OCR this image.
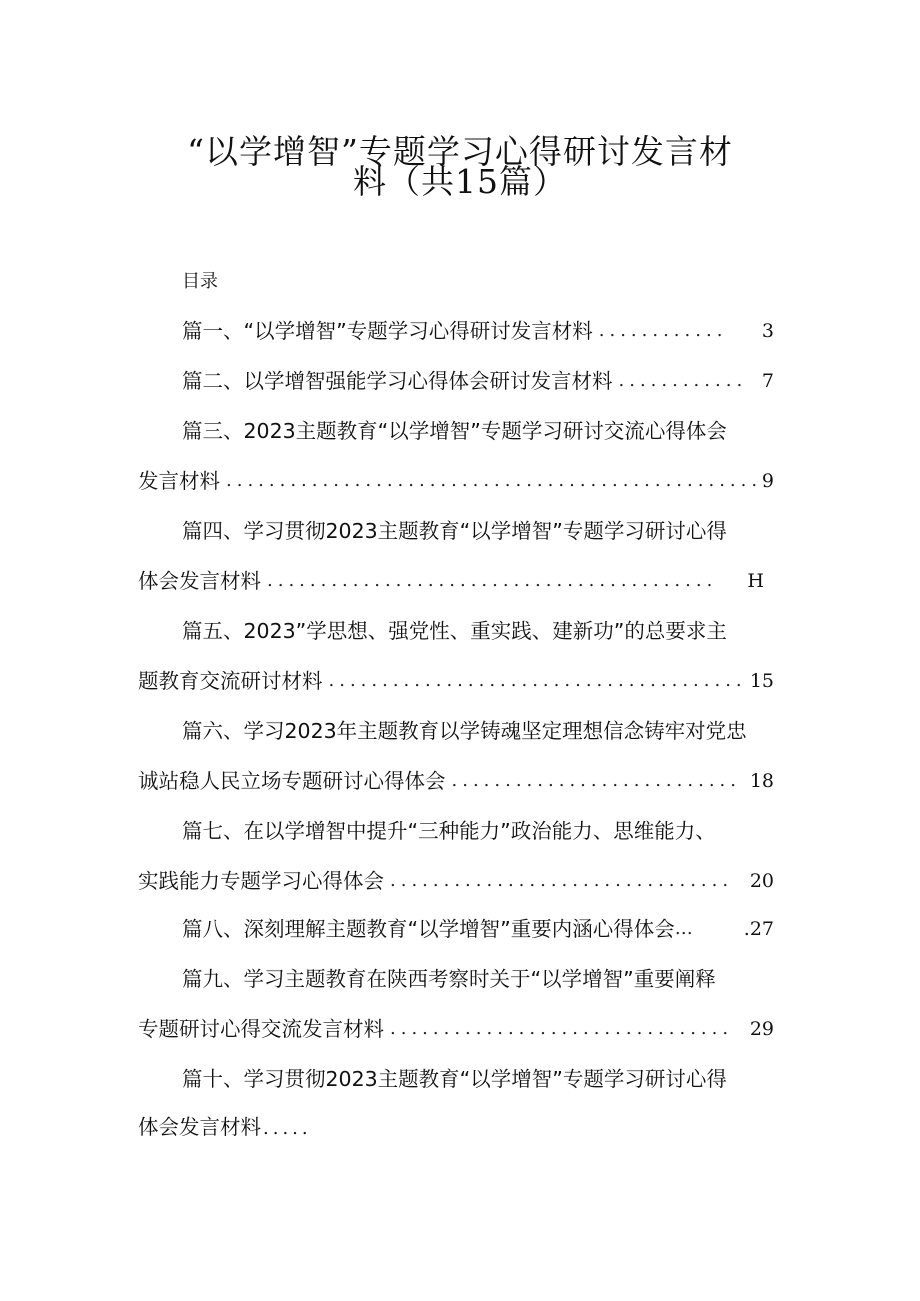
“以学增智”专题学习心得研讨发言材
料（共15篇）
目录
篇一、“以学增智”专题学习心得研讨发言材料 ............	3
篇二、以学增智强能学习心得体会研讨发言材料 ............ 7
篇三、2023主题教育“以学增智”专题学习研讨交流心得体会
发言材料 .................................................. 9
篇四、学习贯彻2023主题教育“以学增智”专题学习研讨心得
体会发言材料 ..........................................	H
篇五、2023”学思想、强党性、重实践、建新功”的总要求主
题教育交流研讨材料 ....................................... 15
篇六、学习2023年主题教育以学铸魂坚定理想信念铸牢对党忠
诚站稳人民立场专题研讨心得体会 ........................... 18
篇七、在以学增智中提升“三种能力”政治能力、思维能力、
实践能力专题学习心得体会 ................................ 20
篇八、深刻理解主题教育“以学增智”重要内涵心得体会 …	.27
篇九、学习主题教育在陕西考察时关于“以学增智”重要阐释
专题研讨心得交流发言材料 ................................ 29
篇十、学习贯彻2023主题教育“以学增智”专题学习研讨心得
体会发言材料 .....
